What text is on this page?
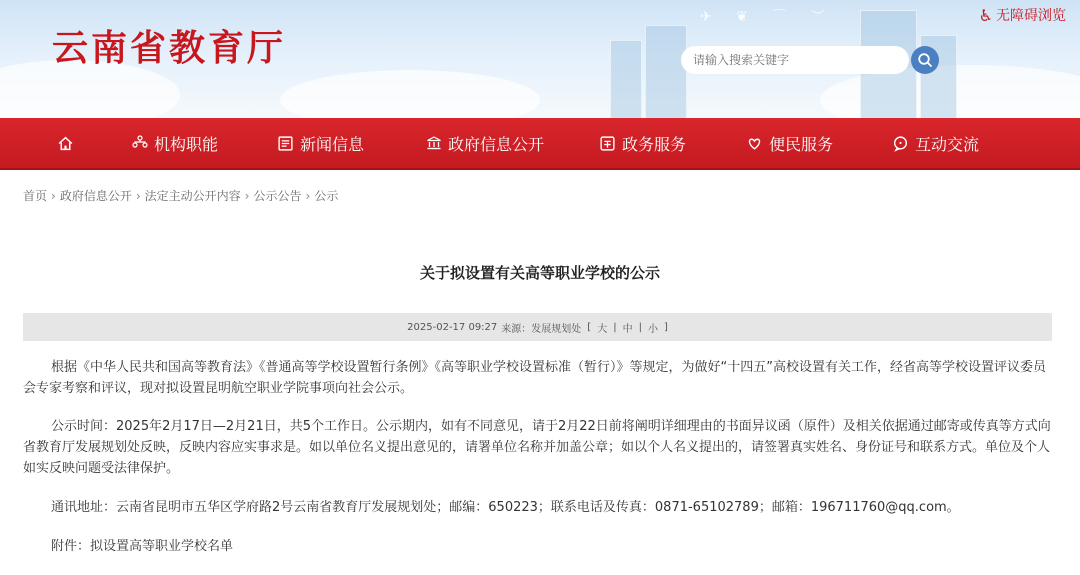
✈ ❦ ⌒ ︶
云南省教育厅
♿ 无障碍浏览
请输入搜索关键字
机构职能	新闻信息	政府信息公开	政务服务	便民服务	互动交流
首页 › 政府信息公开 › 法定主动公开内容 › 公示公告 › 公示
关于拟设置有关高等职业学校的公示
2025-02-17 09:27 来源：发展规划处 [ 大 | 中 | 小 ]

根据《中华人民共和国高等教育法》《普通高等学校设置暂行条例》《高等职业学校设置标准（暂行）》等规定，为做好“十四五”高校设置有关工作，经省高等学校设置评议委员会专家考察和评议，现对拟设置昆明航空职业学院事项向社会公示。

公示时间：2025年2月17日—2月21日，共5个工作日。公示期内，如有不同意见，请于2月22日前将阐明详细理由的书面异议函（原件）及相关依据通过邮寄或传真等方式向省教育厅发展规划处反映，反映内容应实事求是。如以单位名义提出意见的，请署单位名称并加盖公章；如以个人名义提出的，请签署真实姓名、身份证号和联系方式。单位及个人如实反映问题受法律保护。

通讯地址：云南省昆明市五华区学府路2号云南省教育厅发展规划处；邮编：650223；联系电话及传真：0871-65102789；邮箱：196711760@qq.com。

附件：拟设置高等职业学校名单
